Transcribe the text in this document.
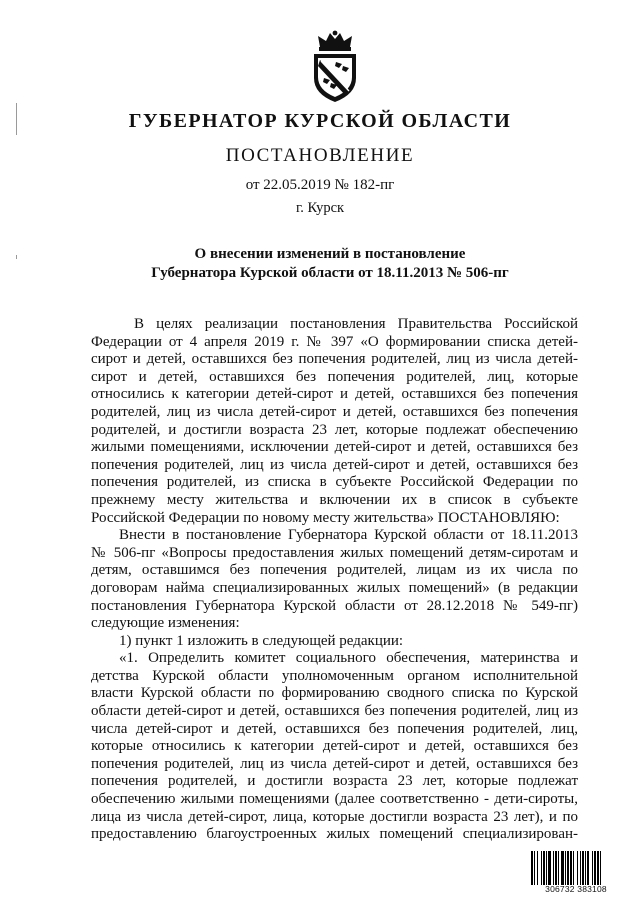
ГУБЕРНАТОР КУРСКОЙ ОБЛАСТИ
ПОСТАНОВЛЕНИЕ
от 22.05.2019 № 182-пг
г. Курск
О внесении изменений в постановление
Губернатора Курской области от 18.11.2013 № 506-пг

В целях реализации постановления Правительства Российской

Федерации от 4 апреля 2019 г. № 397 «О формировании списка детей-

сирот и детей, оставшихся без попечения родителей, лиц из числа детей-

сирот и детей, оставшихся без попечения родителей, лиц, которые

относились к категории детей-сирот и детей, оставшихся без попечения

родителей, лиц из числа детей-сирот и детей, оставшихся без попечения

родителей, и достигли возраста 23 лет, которые подлежат обеспечению

жилыми помещениями, исключении детей-сирот и детей, оставшихся без

попечения родителей, лиц из числа детей-сирот и детей, оставшихся без

попечения родителей, из списка в субъекте Российской Федерации по

прежнему месту жительства и включении их в список в субъекте

Российской Федерации по новому месту жительства» ПОСТАНОВЛЯЮ:

Внести в постановление Губернатора Курской области от 18.11.2013

№ 506-пг «Вопросы предоставления жилых помещений детям-сиротам и

детям, оставшимся без попечения родителей, лицам из их числа по

договорам найма специализированных жилых помещений» (в редакции

постановления Губернатора Курской области от 28.12.2018 № 549-пг)

следующие изменения:

1) пункт 1 изложить в следующей редакции:

«1. Определить комитет социального обеспечения, материнства и

детства Курской области уполномоченным органом исполнительной

власти Курской области по формированию сводного списка по Курской

области детей-сирот и детей, оставшихся без попечения родителей, лиц из

числа детей-сирот и детей, оставшихся без попечения родителей, лиц,

которые относились к категории детей-сирот и детей, оставшихся без

попечения родителей, лиц из числа детей-сирот и детей, оставшихся без

попечения родителей, и достигли возраста 23 лет, которые подлежат

обеспечению жилыми помещениями (далее соответственно - дети-сироты,

лица из числа детей-сирот, лица, которые достигли возраста 23 лет), и по

предоставлению благоустроенных жилых помещений специализирован-

306732 383108
